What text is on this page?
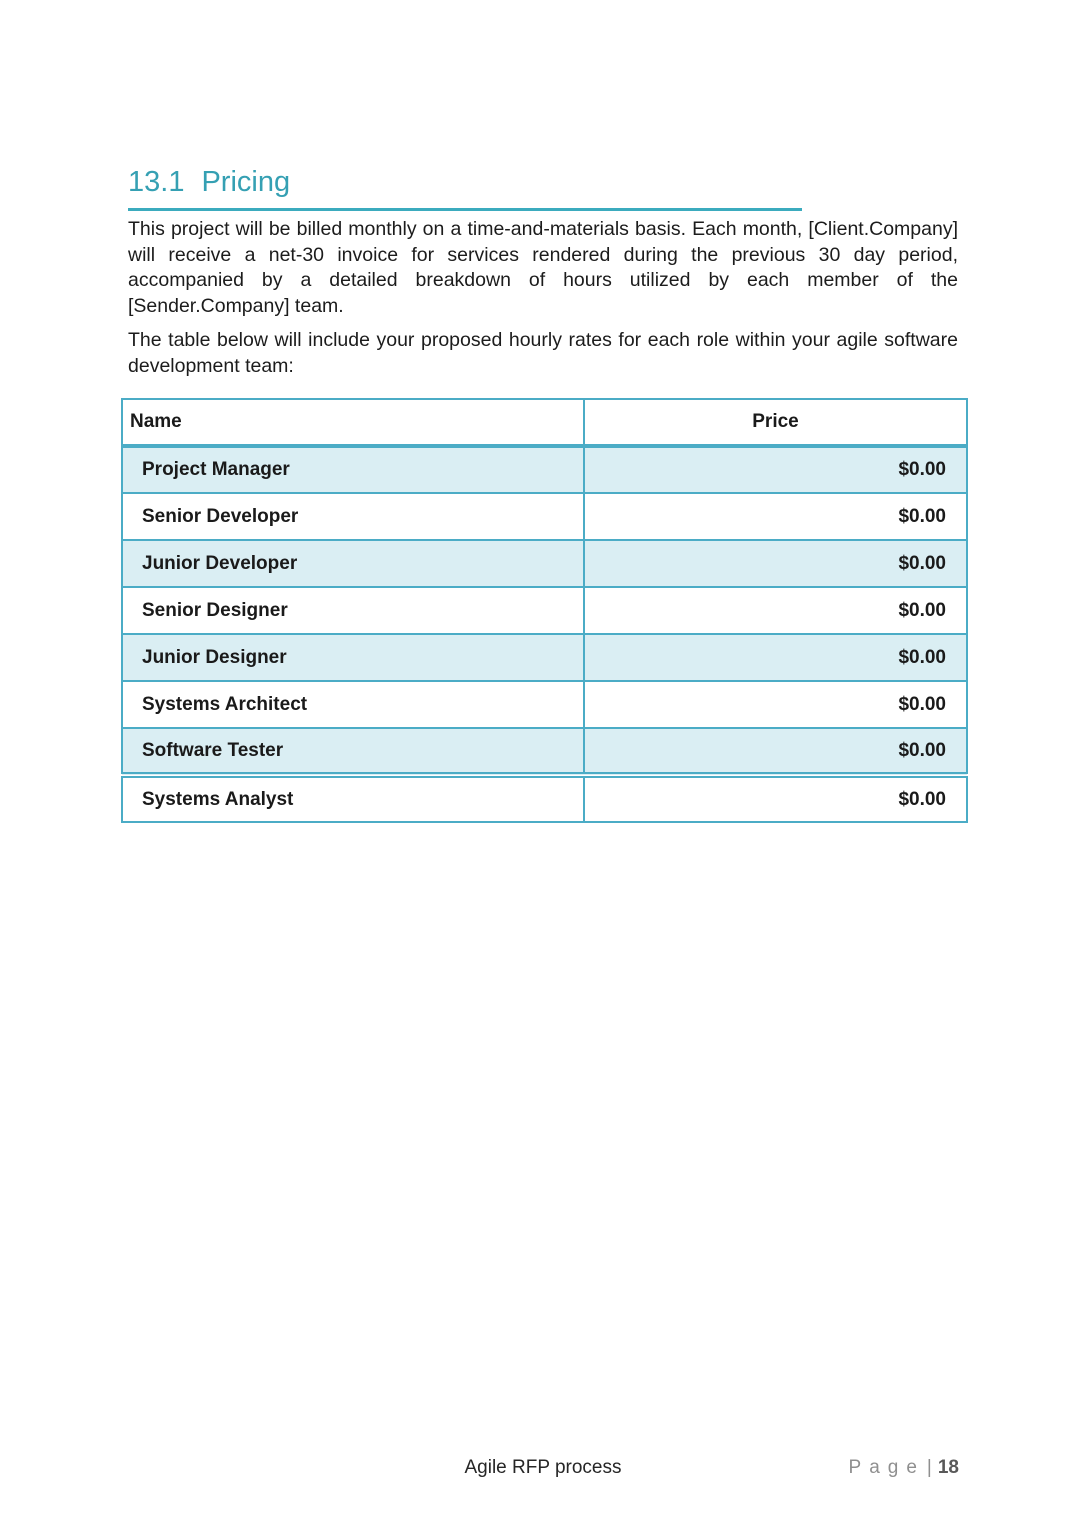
13.1 Pricing

This project will be billed monthly on a time-and-materials basis. Each month, [Client.Company] will receive a net-30 invoice for services rendered during the previous 30 day period, accompanied by a detailed breakdown of hours utilized by each member of the [Sender.Company] team.

The table below will include your proposed hourly rates for each role within your agile software development team:

Name	Price
Project Manager	$0.00
Senior Developer	$0.00
Junior Developer	$0.00
Senior Designer	$0.00
Junior Designer	$0.00
Systems Architect	$0.00
Software Tester	$0.00
Systems Analyst	$0.00
Agile RFP process	Page | 18
